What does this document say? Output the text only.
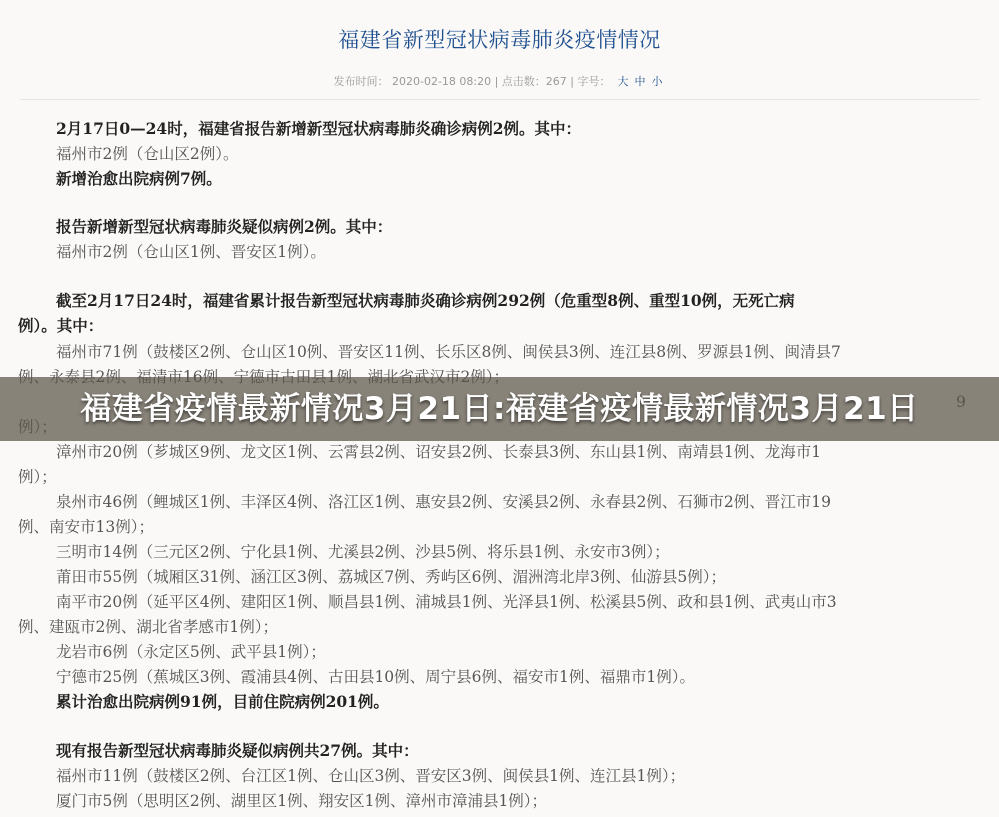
福建省新型冠状病毒肺炎疫情情况
发布时间： 2020-02-18 08:20 | 点击数：267 | 字号： 大 中 小
2月17日0—24时，福建省报告新增新型冠状病毒肺炎确诊病例2例。其中：
福州市2例（仓山区2例）。
新增治愈出院病例7例。
报告新增新型冠状病毒肺炎疑似病例2例。其中：
福州市2例（仓山区1例、晋安区1例）。
截至2月17日24时，福建省累计报告新型冠状病毒肺炎确诊病例292例（危重型8例、重型10例，无死亡病
例）。其中：
福州市71例（鼓楼区2例、仓山区10例、晋安区11例、长乐区8例、闽侯县3例、连江县8例、罗源县1例、闽清县7
漳州市20例（芗城区9例、龙文区1例、云霄县2例、诏安县2例、长泰县3例、东山县1例、南靖县1例、龙海市1
例）；
泉州市46例（鲤城区1例、丰泽区4例、洛江区1例、惠安县2例、安溪县2例、永春县2例、石狮市2例、晋江市19
例、南安市13例）；
三明市14例（三元区2例、宁化县1例、尤溪县2例、沙县5例、将乐县1例、永安市3例）；
莆田市55例（城厢区31例、涵江区3例、荔城区7例、秀屿区6例、湄洲湾北岸3例、仙游县5例）；
南平市20例（延平区4例、建阳区1例、顺昌县1例、浦城县1例、光泽县1例、松溪县5例、政和县1例、武夷山市3
例、建瓯市2例、湖北省孝感市1例）；
龙岩市6例（永定区5例、武平县1例）；
宁德市25例（蕉城区3例、霞浦县4例、古田县10例、周宁县6例、福安市1例、福鼎市1例）。
累计治愈出院病例91例，目前住院病例201例。
现有报告新型冠状病毒肺炎疑似病例共27例。其中：
福州市11例（鼓楼区2例、台江区1例、仓山区3例、晋安区3例、闽侯县1例、连江县1例）；
厦门市5例（思明区2例、湖里区1例、翔安区1例、漳州市漳浦县1例）；
福建省疫情最新情况3月21日:福建省疫情最新情况3月21日
